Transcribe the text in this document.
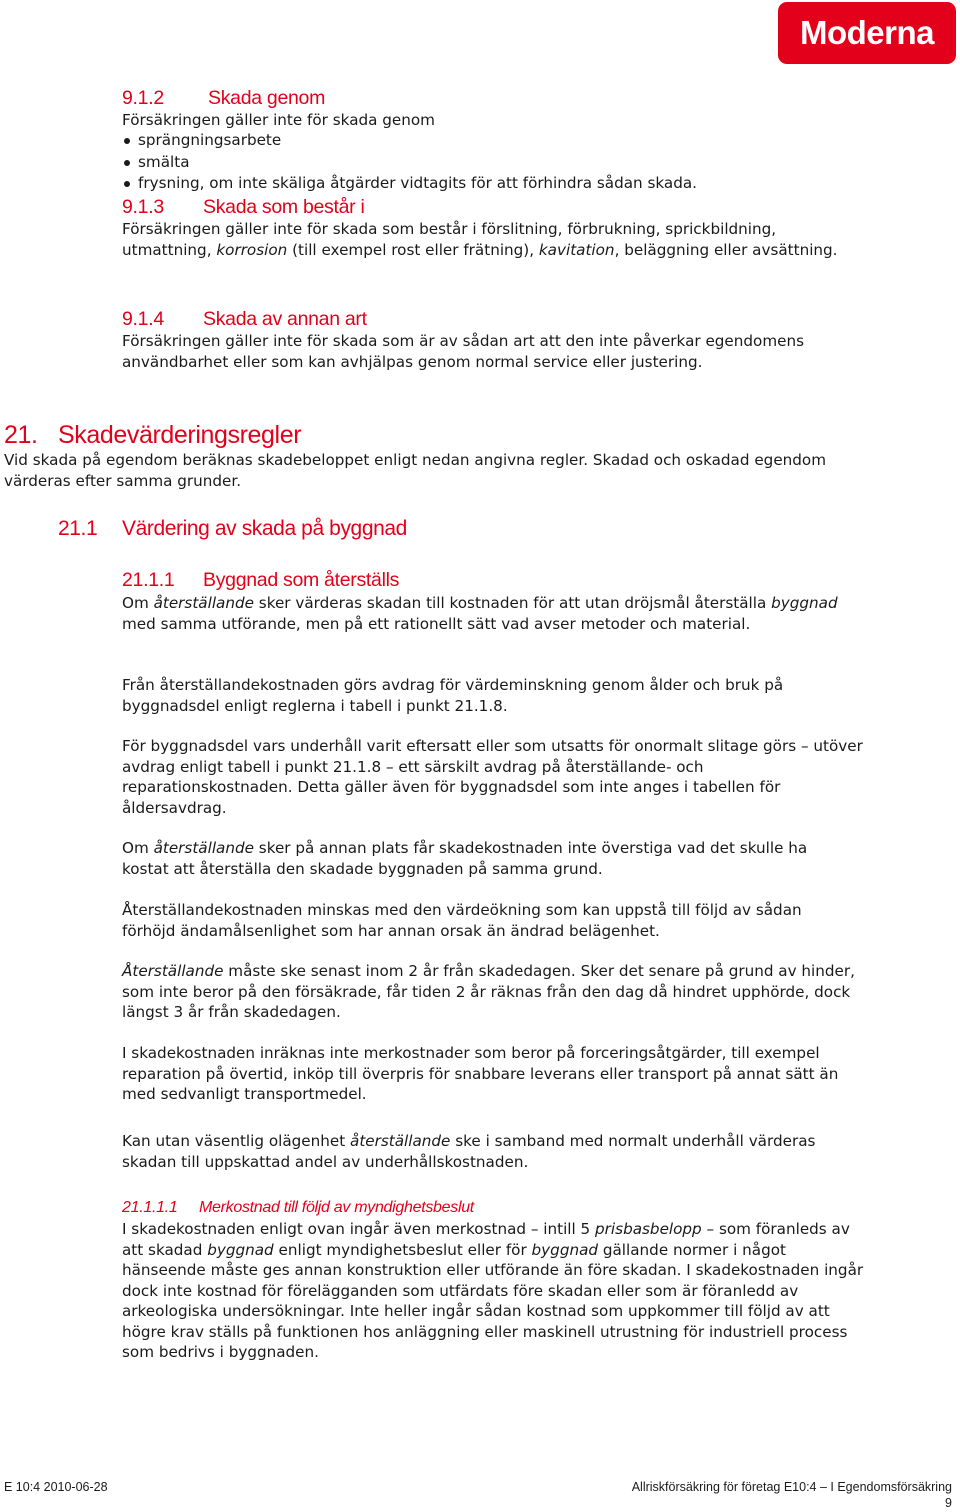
Moderna
9.1.2 Skada genom

Försäkringen gäller inte för skada genom

sprängningsarbete
smälta
frysning, om inte skäliga åtgärder vidtagits för att förhindra sådan skada.
9.1.3 Skada som består i

Försäkringen gäller inte för skada som består i förslitning, förbrukning, sprickbildning, utmattning, korrosion (till exempel rost eller frätning), kavitation, beläggning eller avsättning.

9.1.4 Skada av annan art

Försäkringen gäller inte för skada som är av sådan art att den inte påverkar egendomens användbarhet eller som kan avhjälpas genom normal service eller justering.

21. Skadevärderingsregler

Vid skada på egendom beräknas skadebeloppet enligt nedan angivna regler. Skadad och oskadad egendom värderas efter samma grunder.

21.1 Värdering av skada på byggnad
21.1.1 Byggnad som återställs

Om återställande sker värderas skadan till kostnaden för att utan dröjsmål återställa byggnad med samma utförande, men på ett rationellt sätt vad avser metoder och material.

Från återställandekostnaden görs avdrag för värdeminskning genom ålder och bruk på byggnadsdel enligt reglerna i tabell i punkt 21.1.8.

För byggnadsdel vars underhåll varit eftersatt eller som utsatts för onormalt slitage görs – utöver avdrag enligt tabell i punkt 21.1.8 – ett särskilt avdrag på återställande- och reparationskostnaden. Detta gäller även för byggnadsdel som inte anges i tabellen för åldersavdrag.

Om återställande sker på annan plats får skadekostnaden inte överstiga vad det skulle ha kostat att återställa den skadade byggnaden på samma grund.

Återställandekostnaden minskas med den värdeökning som kan uppstå till följd av sådan förhöjd ändamålsenlighet som har annan orsak än ändrad belägenhet.

Återställande måste ske senast inom 2 år från skadedagen. Sker det senare på grund av hinder, som inte beror på den försäkrade, får tiden 2 år räknas från den dag då hindret upphörde, dock längst 3 år från skadedagen.

I skadekostnaden inräknas inte merkostnader som beror på forceringsåtgärder, till exempel reparation på övertid, inköp till överpris för snabbare leverans eller transport på annat sätt än med sedvanligt transportmedel.

Kan utan väsentlig olägenhet återställande ske i samband med normalt underhåll värderas skadan till uppskattad andel av underhållskostnaden.

21.1.1.1 Merkostnad till följd av myndighetsbeslut

I skadekostnaden enligt ovan ingår även merkostnad – intill 5 prisbasbelopp – som föranleds av att skadad byggnad enligt myndighetsbeslut eller för byggnad gällande normer i något hänseende måste ges annan konstruktion eller utförande än före skadan. I skadekostnaden ingår dock inte kostnad för förelägganden som utfärdats före skadan eller som är föranledd av arkeologiska undersökningar. Inte heller ingår sådan kostnad som uppkommer till följd av att högre krav ställs på funktionen hos anläggning eller maskinell utrustning för industriell process som bedrivs i byggnaden.

E 10:4 2010-06-28	Allriskförsäkring för företag E10:4 – I Egendomsförsäkring
9
